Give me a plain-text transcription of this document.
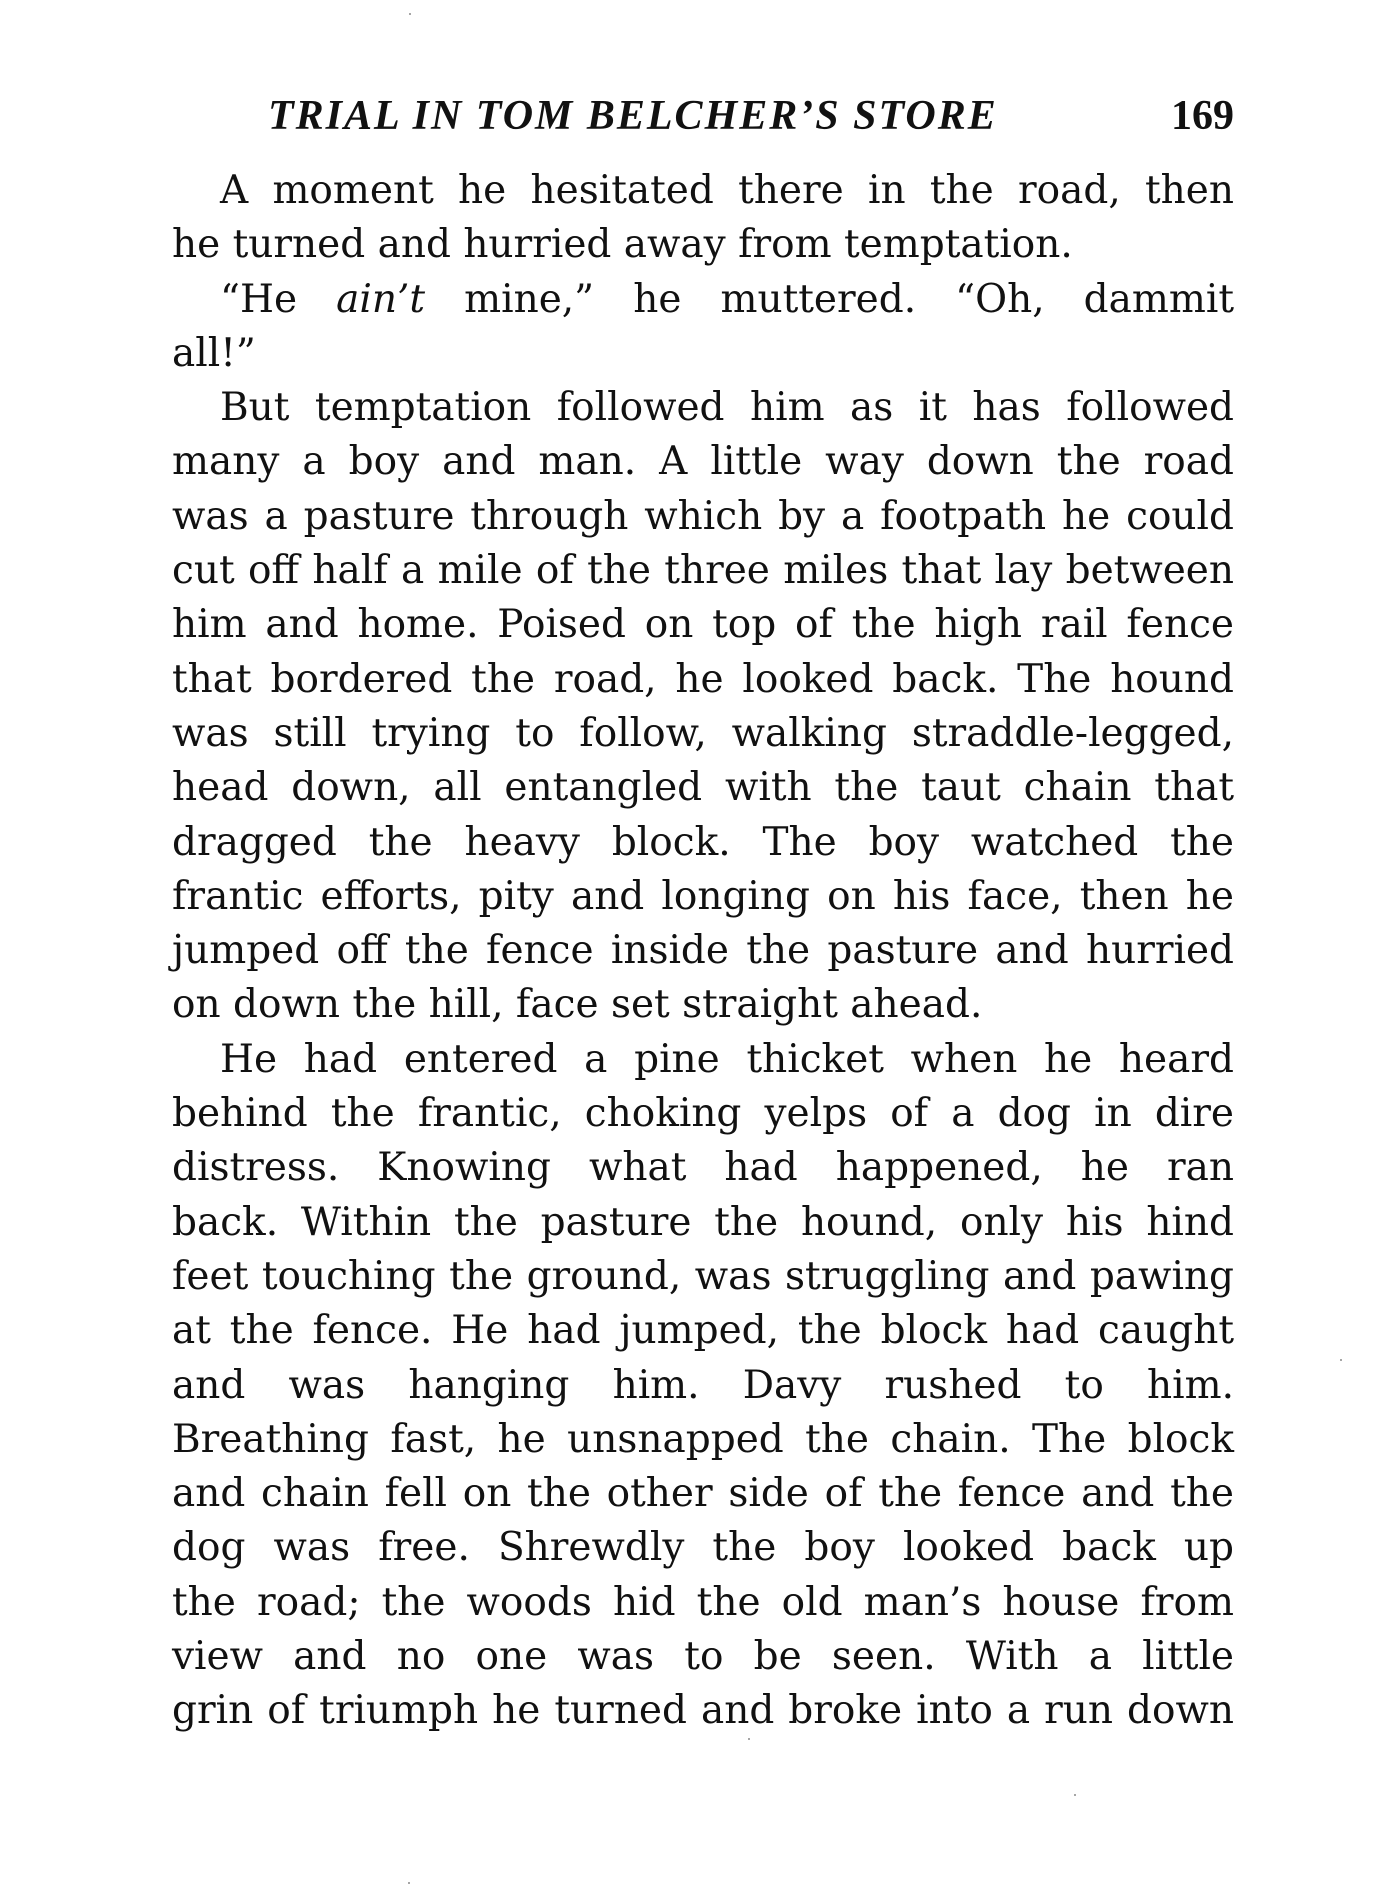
TRIAL IN TOM BELCHER’S STORE	169
A moment he hesitated there in the road, then
he turned and hurried away from temptation.
“He ain’t mine,” he muttered. “Oh, dammit
all!”
But temptation followed him as it has followed
many a boy and man. A little way down the road
was a pasture through which by a footpath he could
cut off half a mile of the three miles that lay between
him and home. Poised on top of the high rail fence
that bordered the road, he looked back. The hound
was still trying to follow, walking straddle-legged,
head down, all entangled with the taut chain that
dragged the heavy block. The boy watched the
frantic efforts, pity and longing on his face, then he
jumped off the fence inside the pasture and hurried
on down the hill, face set straight ahead.
He had entered a pine thicket when he heard
behind the frantic, choking yelps of a dog in dire
distress. Knowing what had happened, he ran
back. Within the pasture the hound, only his hind
feet touching the ground, was struggling and pawing
at the fence. He had jumped, the block had caught
and was hanging him. Davy rushed to him.
Breathing fast, he unsnapped the chain. The block
and chain fell on the other side of the fence and the
dog was free. Shrewdly the boy looked back up
the road; the woods hid the old man’s house from
view and no one was to be seen. With a little
grin of triumph he turned and broke into a run down
